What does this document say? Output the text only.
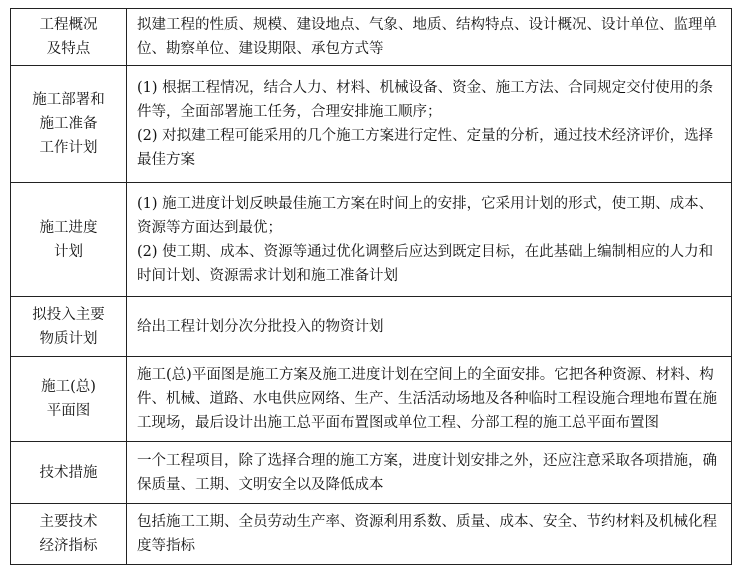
工程概况
及特点	拟建工程的性质、规模、建设地点、气象、地质、结构特点、设计概况、设计单位、监理单位、勘察单位、建设期限、承包方式等

施工部署和
施工准备
工作计划	(1) 根据工程情况，结合人力、材料、机械设备、资金、施工方法、合同规定交付使用的条件等，全面部署施工任务，合理安排施工顺序；
(2) 对拟建工程可能采用的几个施工方案进行定性、定量的分析，通过技术经济评价，选择最佳方案

施工进度
计划	(1) 施工进度计划反映最佳施工方案在时间上的安排，它采用计划的形式，使工期、成本、资源等方面达到最优；
(2) 使工期、成本、资源等通过优化调整后应达到既定目标，在此基础上编制相应的人力和时间计划、资源需求计划和施工准备计划

拟投入主要
物质计划	给出工程计划分次分批投入的物资计划

施工(总)
平面图	施工(总)平面图是施工方案及施工进度计划在空间上的全面安排。它把各种资源、材料、构件、机械、道路、水电供应网络、生产、生活活动场地及各种临时工程设施合理地布置在施工现场，最后设计出施工总平面布置图或单位工程、分部工程的施工总平面布置图

技术措施	一个工程项目，除了选择合理的施工方案，进度计划安排之外，还应注意采取各项措施，确保质量、工期、文明安全以及降低成本

主要技术
经济指标	包括施工工期、全员劳动生产率、资源利用系数、质量、成本、安全、节约材料及机械化程度等指标
